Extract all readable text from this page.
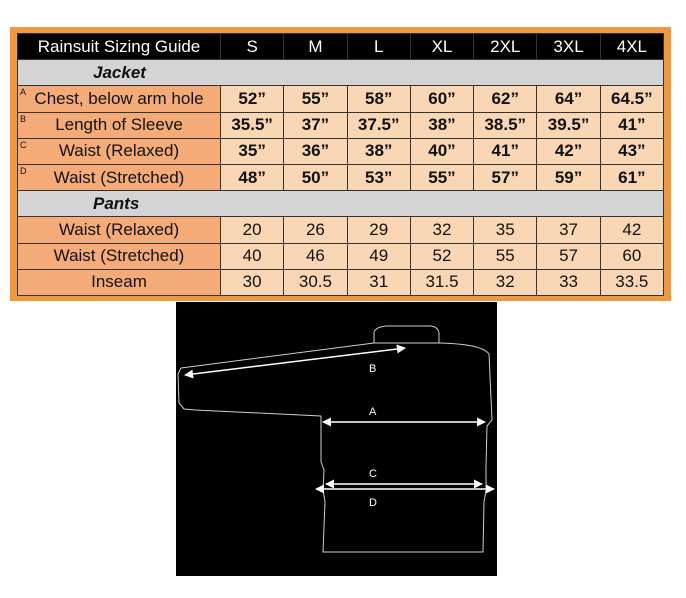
Rainsuit Sizing Guide	S	M	L	XL	2XL	3XL	4XL
Jacket							

A Chest, below arm hole	52”	55”	58”	60”	62”	64”	64.5”

B Length of Sleeve	35.5”	37”	37.5”	38”	38.5”	39.5”	41”

C Waist (Relaxed)	35”	36”	38”	40”	41”	42”	43”

D Waist (Stretched)	48”	50”	53”	55”	57”	59”	61”
Pants							
Waist (Relaxed)	20	26	29	32	35	37	42
Waist (Stretched)	40	46	49	52	55	57	60
Inseam	30	30.5	31	31.5	32	33	33.5
B
A
C
D
